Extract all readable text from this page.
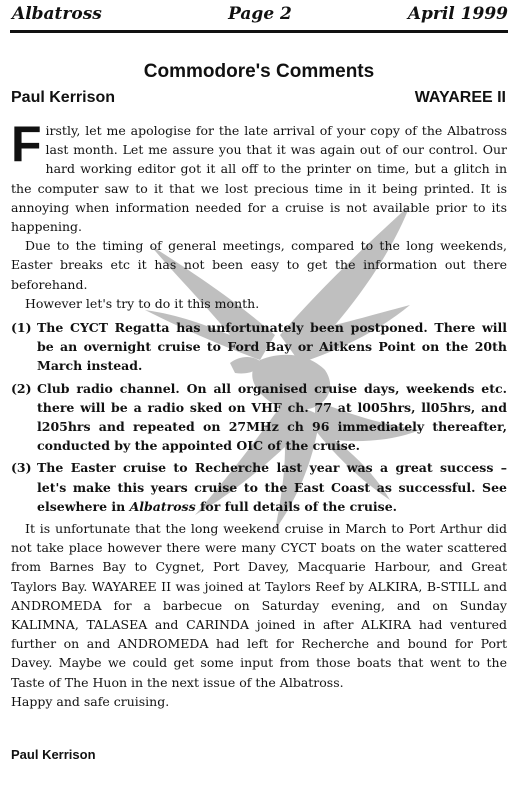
Albatross	Page 2	April 1999
Commodore's Comments
Paul Kerrison	WAYAREE II

Firstly, let me apologise for the late arrival of your copy of the Albatross last month. Let me assure you that it was again out of our control. Our hard working editor got it all off to the printer on time, but a glitch in the computer saw to it that we lost precious time in it being printed. It is annoying when information needed for a cruise is not available prior to its happening.

Due to the timing of general meetings, compared to the long weekends, Easter breaks etc it has not been easy to get the information out there beforehand.

However let's try to do it this month.

(1) The CYCT Regatta has unfortunately been postponed. There will be an overnight cruise to Ford Bay or Aitkens Point on the 20th March instead.
(2) Club radio channel. On all organised cruise days, weekends etc. there will be a radio sked on VHF ch. 77 at l005hrs, ll05hrs, and l205hrs and repeated on 27MHz ch 96 immediately thereafter, conducted by the appointed OIC of the cruise.
(3) The Easter cruise to Recherche last year was a great success – let's make this years cruise to the East Coast as successful. See elsewhere in Albatross for full details of the cruise.

It is unfortunate that the long weekend cruise in March to Port Arthur did not take place however there were many CYCT boats on the water scattered from Barnes Bay to Cygnet, Port Davey, Macquarie Harbour, and Great Taylors Bay. WAYAREE II was joined at Taylors Reef by ALKIRA, B-STILL and ANDROMEDA for a barbecue on Saturday evening, and on Sunday KALIMNA, TALASEA and CARINDA joined in after ALKIRA had ventured further on and ANDROMEDA had left for Recherche and bound for Port Davey. Maybe we could get some input from those boats that went to the Taste of The Huon in the next issue of the Albatross.

Happy and safe cruising.

Paul Kerrison
